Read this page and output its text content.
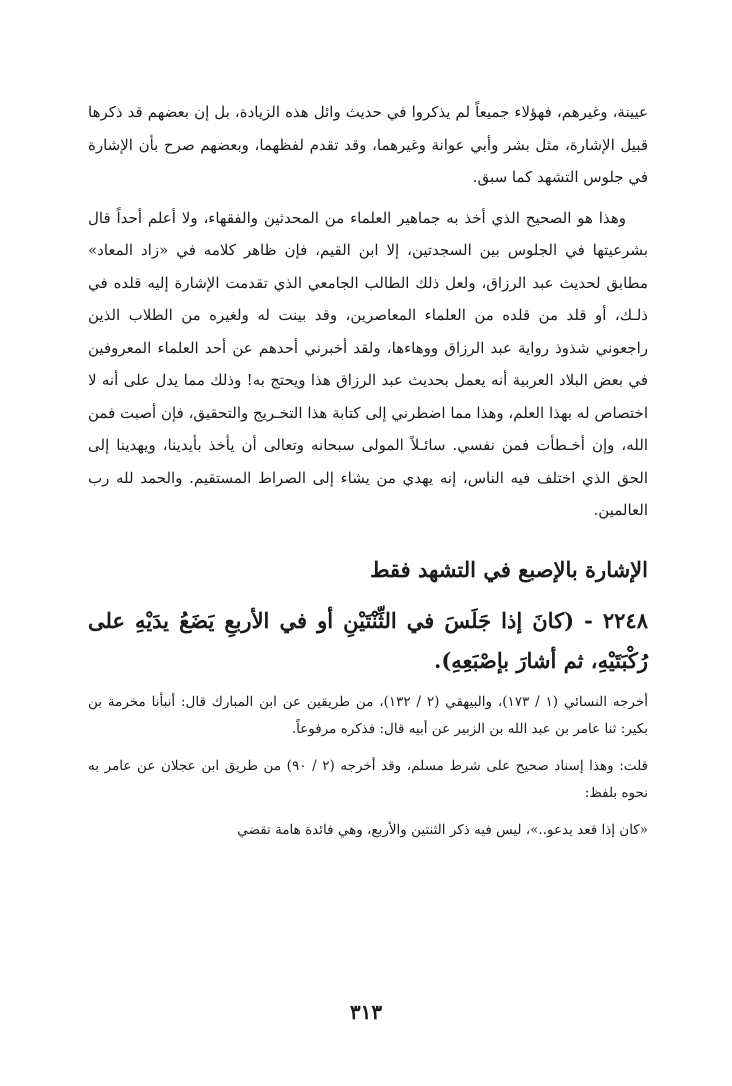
عيينة، وغيرهم، فهؤلاء جميعاً لم يذكروا في حديث وائل هذه الزيادة، بل إن بعضهم قد ذكرها قبيل الإشارة، مثل بشر وأبي عوانة وغيرهما، وقد تقدم لفظهما، وبعضهم صرح بأن الإشارة في جلوس التشهد كما سبق.

وهذا هو الصحيح الذي أخذ به جماهير العلماء من المحدثين والفقهاء، ولا أعلم أحداً قال بشرعيتها في الجلوس بين السجدتين، إلا ابن القيم، فإن ظاهر كلامه في «زاد المعاد» مطابق لحديث عبد الرزاق، ولعل ذلك الطالب الجامعي الذي تقدمت الإشارة إليه قلده في ذلـك، أو قلد من قلده من العلماء المعاصرين، وقد بينت له ولغيره من الطلاب الذين راجعوني شذوذ رواية عبد الرزاق ووهاءها، ولقد أخبرني أحدهم عن أحد العلماء المعروفين في بعض البلاد العربية أنه يعمل بحديث عبد الرزاق هذا ويحتج به! وذلك مما يدل على أنه لا اختصاص له بهذا العلم، وهذا مما اضطرني إلى كتابة هذا التخـريج والتحقيق، فإن أصبت فمن الله، وإن أخـطأت فمن نفسي. سائـلاً المولى سبحانه وتعالى أن يأخذ بأيدينا، ويهدينا إلى الحق الذي اختلف فيه الناس، إنه يهدي من يشاء إلى الصراط المستقيم. والحمد لله رب العالمين.

الإشارة بالإصبع في التشهد فقط

٢٢٤٨ - (كانَ إذا جَلَسَ في الثِّنْتَيْنِ أو في الأربعِ يَضَعُ يدَيْهِ على رُكْبَتَيْهِ، ثم أشارَ بإصْبَعِهِ).

أخرجه النسائي (١ / ١٧٣)، والبيهقي (٢ / ١٣٢)، من طريقين عن ابن المبارك قال: أنبأنا مخرمة بن بكير: ثنا عامر بن عبد الله بن الزبير عن أبيه قال: فذكره مرفوعاً.

قلت: وهذا إسناد صحيح على شرط مسلم، وقد أخرجه (٢ / ٩٠) من طريق ابن عجلان عن عامر به نحوه بلفظ:

«كان إذا قعد يدعو..»، ليس فيه ذكر الثنتين والأربع، وهي فائدة هامة تقضي

٣١٣
